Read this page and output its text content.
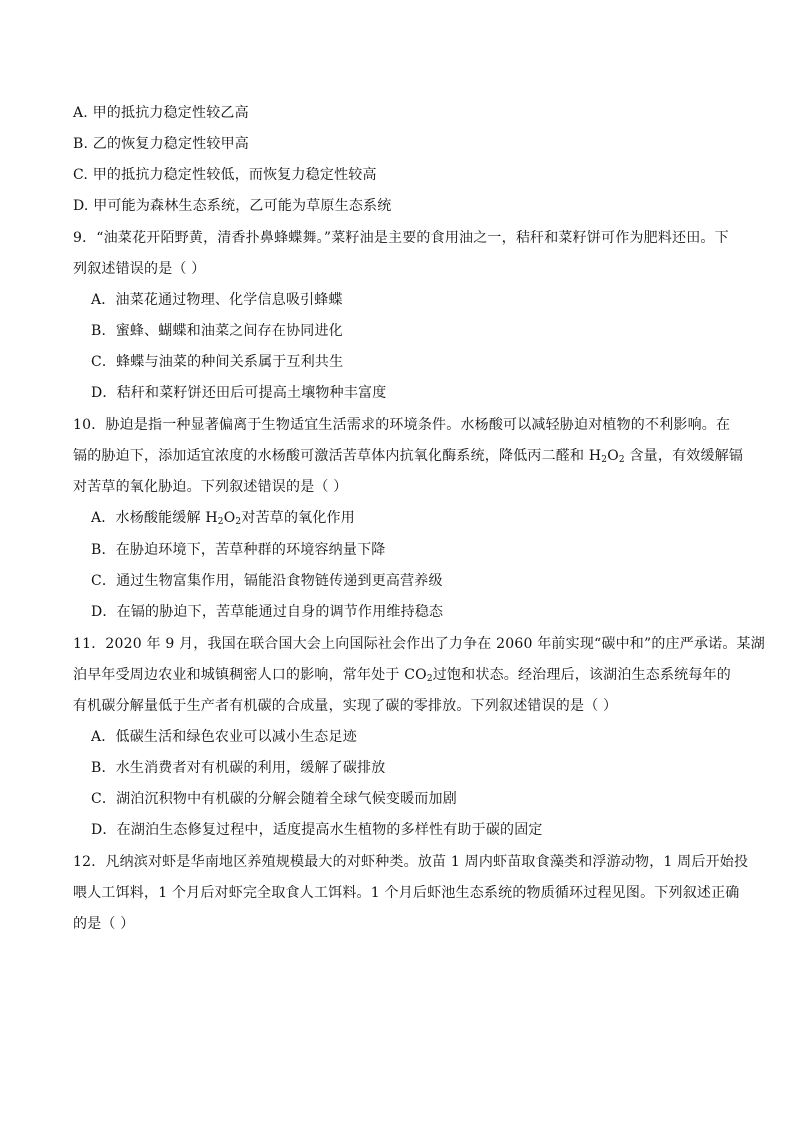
A. 甲的抵抗力稳定性较乙高
B. 乙的恢复力稳定性较甲高
C. 甲的抵抗力稳定性较低，而恢复力稳定性较高
D. 甲可能为森林生态系统，乙可能为草原生态系统
9．“油菜花开陌野黄，清香扑鼻蜂蝶舞。”菜籽油是主要的食用油之一，秸秆和菜籽饼可作为肥料还田。下
列叙述错误的是（ ）
A．油菜花通过物理、化学信息吸引蜂蝶
B．蜜蜂、蝴蝶和油菜之间存在协同进化
C．蜂蝶与油菜的种间关系属于互利共生
D．秸秆和菜籽饼还田后可提高土壤物种丰富度
10．胁迫是指一种显著偏离于生物适宜生活需求的环境条件。水杨酸可以减轻胁迫对植物的不利影响。在
镉的胁迫下，添加适宜浓度的水杨酸可激活苦草体内抗氧化酶系统，降低丙二醛和 $H_2O_2$ 含量，有效缓解镉
对苦草的氧化胁迫。下列叙述错误的是（ ）
A．水杨酸能缓解 $H_2O_2$对苦草的氧化作用
B．在胁迫环境下，苦草种群的环境容纳量下降
C．通过生物富集作用，镉能沿食物链传递到更高营养级
D．在镉的胁迫下，苦草能通过自身的调节作用维持稳态
11．2020 年 9 月，我国在联合国大会上向国际社会作出了力争在 2060 年前实现“碳中和”的庄严承诺。某湖
泊早年受周边农业和城镇稠密人口的影响，常年处于 $CO_2$过饱和状态。经治理后，该湖泊生态系统每年的
有机碳分解量低于生产者有机碳的合成量，实现了碳的零排放。下列叙述错误的是（ ）
A．低碳生活和绿色农业可以减小生态足迹
B．水生消费者对有机碳的利用，缓解了碳排放
C．湖泊沉积物中有机碳的分解会随着全球气候变暖而加剧
D．在湖泊生态修复过程中，适度提高水生植物的多样性有助于碳的固定
12．凡纳滨对虾是华南地区养殖规模最大的对虾种类。放苗 1 周内虾苗取食藻类和浮游动物，1 周后开始投
喂人工饵料，1 个月后对虾完全取食人工饵料。1 个月后虾池生态系统的物质循环过程见图。下列叙述正确
的是（ ）
